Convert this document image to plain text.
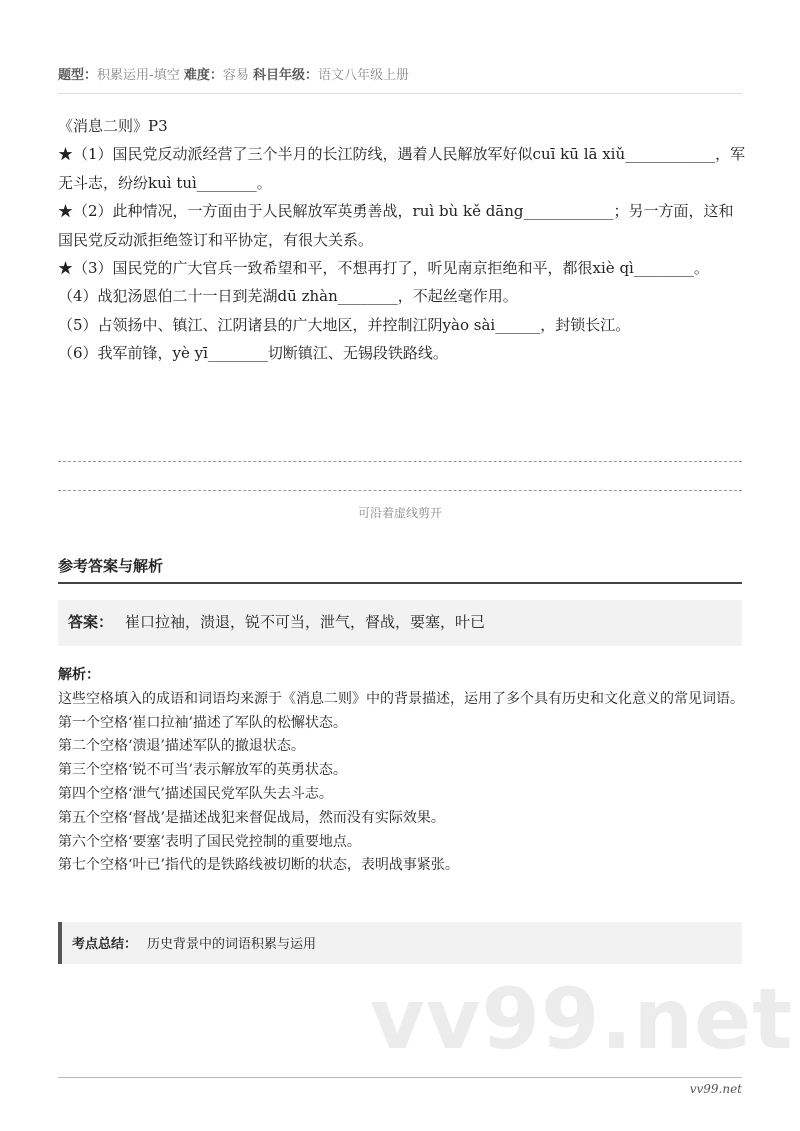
题型：积累运用-填空 难度：容易 科目年级：语文八年级上册
《消息二则》P3
★（1）国民党反动派经营了三个半月的长江防线，遇着人民解放军好似cuī kū lā xiǔ____________，军无斗志，纷纷kuì tuì________。
★（2）此种情况，一方面由于人民解放军英勇善战，ruì bù kě dāng____________；另一方面，这和国民党反动派拒绝签订和平协定，有很大关系。
★（3）国民党的广大官兵一致希望和平，不想再打了，听见南京拒绝和平，都很xiè qì________。
（4）战犯汤恩伯二十一日到芜湖dū zhàn________，不起丝毫作用。
（5）占领扬中、镇江、江阴诸县的广大地区，并控制江阴yào sài______，封锁长江。
（6）我军前锋，yè yī________切断镇江、无锡段铁路线。
可沿着虚线剪开
参考答案与解析
答案： 崔口拉袖，溃退，锐不可当，泄气，督战，要塞，叶已
解析：
这些空格填入的成语和词语均来源于《消息二则》中的背景描述，运用了多个具有历史和文化意义的常见词语。
第一个空格‘崔口拉袖’描述了军队的松懈状态。
第二个空格‘溃退’描述军队的撤退状态。
第三个空格‘锐不可当’表示解放军的英勇状态。
第四个空格‘泄气’描述国民党军队失去斗志。
第五个空格‘督战’是描述战犯来督促战局，然而没有实际效果。
第六个空格‘要塞’表明了国民党控制的重要地点。
第七个空格‘叶已’指代的是铁路线被切断的状态，表明战事紧张。
考点总结： 历史背景中的词语积累与运用
vv99.net
vv99.net
